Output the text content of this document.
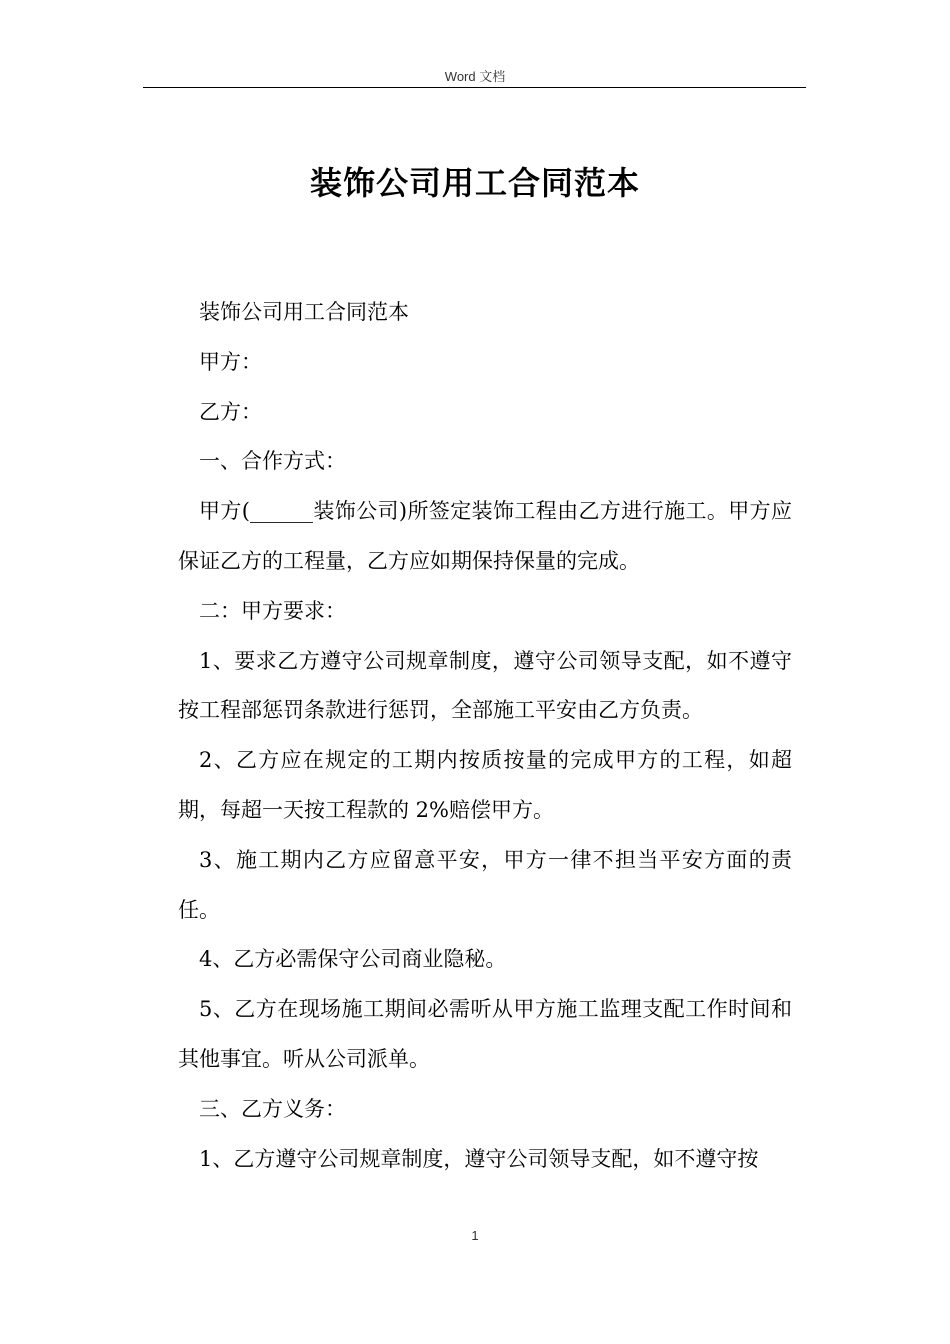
Word 文档
装饰公司用工合同范本

装饰公司用工合同范本

甲方：

乙方：

一、合作方式：

甲方(______装饰公司)所签定装饰工程由乙方进行施工。甲方应保证乙方的工程量，乙方应如期保持保量的完成。

二：甲方要求：

1、要求乙方遵守公司规章制度，遵守公司领导支配，如不遵守按工程部惩罚条款进行惩罚，全部施工平安由乙方负责。

2、乙方应在规定的工期内按质按量的完成甲方的工程，如超期，每超一天按工程款的 2%赔偿甲方。

3、施工期内乙方应留意平安，甲方一律不担当平安方面的责任。

4、乙方必需保守公司商业隐秘。

5、乙方在现场施工期间必需听从甲方施工监理支配工作时间和其他事宜。听从公司派单。

三、乙方义务：

1、乙方遵守公司规章制度，遵守公司领导支配，如不遵守按

1
